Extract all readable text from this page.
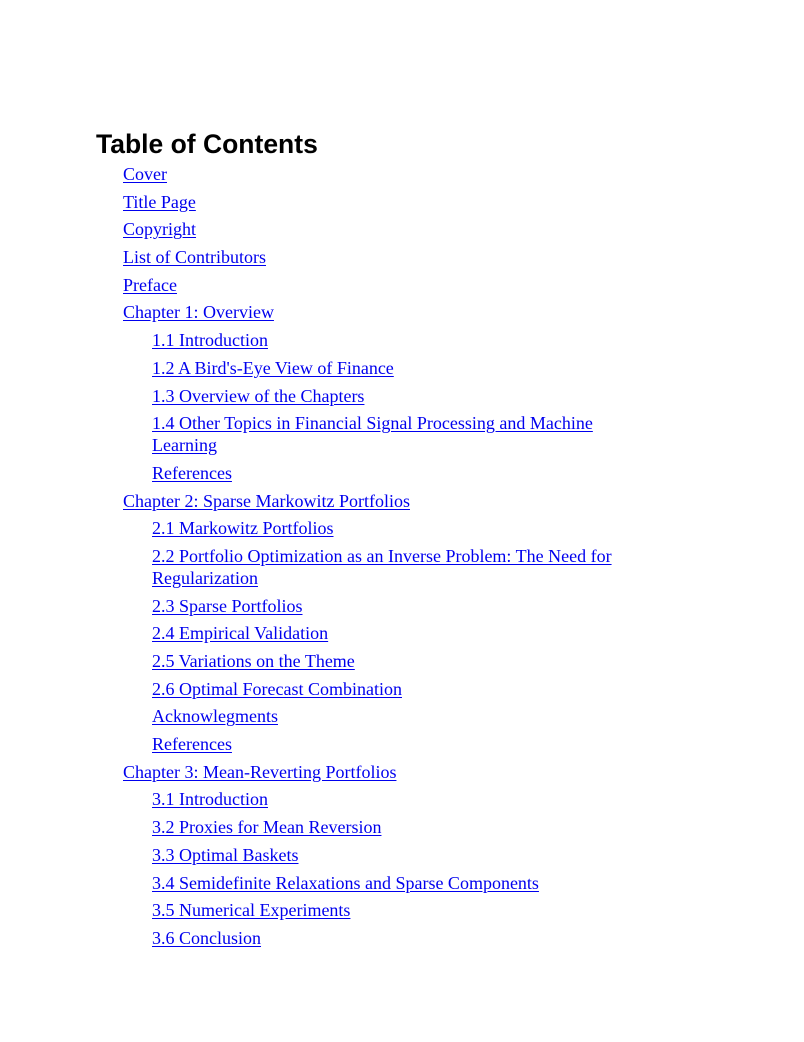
Table of Contents
Cover
Title Page
Copyright
List of Contributors
Preface
Chapter 1: Overview
1.1 Introduction
1.2 A Bird's-Eye View of Finance
1.3 Overview of the Chapters
1.4 Other Topics in Financial Signal Processing and Machine Learning
References
Chapter 2: Sparse Markowitz Portfolios
2.1 Markowitz Portfolios
2.2 Portfolio Optimization as an Inverse Problem: The Need for Regularization
2.3 Sparse Portfolios
2.4 Empirical Validation
2.5 Variations on the Theme
2.6 Optimal Forecast Combination
Acknowlegments
References
Chapter 3: Mean-Reverting Portfolios
3.1 Introduction
3.2 Proxies for Mean Reversion
3.3 Optimal Baskets
3.4 Semidefinite Relaxations and Sparse Components
3.5 Numerical Experiments
3.6 Conclusion
